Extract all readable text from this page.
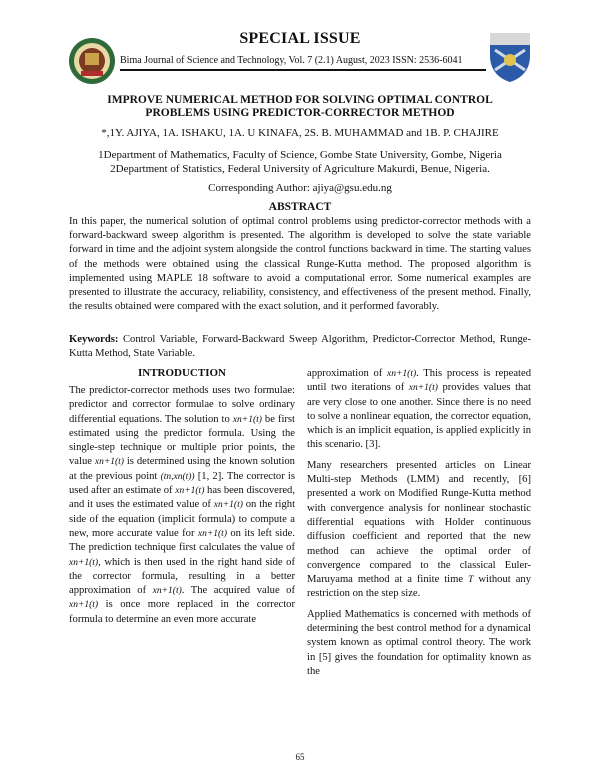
SPECIAL ISSUE
Bima Journal of Science and Technology, Vol. 7 (2.1) August, 2023 ISSN: 2536-6041
IMPROVE NUMERICAL METHOD FOR SOLVING OPTIMAL CONTROL
PROBLEMS USING PREDICTOR-CORRECTOR METHOD
*,1Y. AJIYA, 1A. ISHAKU, 1A. U KINAFA, 2S. B. MUHAMMAD and 1B. P. CHAJIRE
1Department of Mathematics, Faculty of Science, Gombe State University, Gombe, Nigeria
2Department of Statistics, Federal University of Agriculture Makurdi, Benue, Nigeria.
Corresponding Author: ajiya@gsu.edu.ng
ABSTRACT
In this paper, the numerical solution of optimal control problems using predictor-corrector methods with a forward-backward sweep algorithm is presented. The algorithm is developed to solve the state variable forward in time and the adjoint system alongside the control functions backward in time. The starting values of the methods were obtained using the classical Runge-Kutta method. The proposed algorithm is implemented using MAPLE 18 software to avoid a computational error. Some numerical examples are presented to illustrate the accuracy, reliability, consistency, and effectiveness of the present method. Finally, the results obtained were compared with the exact solution, and it performed favorably.
Keywords: Control Variable, Forward-Backward Sweep Algorithm, Predictor-Corrector Method, Runge-Kutta Method, State Variable.
INTRODUCTION

The predictor-corrector methods uses two formulae: predictor and corrector formulae to solve ordinary differential equations. The solution to xn+1(t) be first estimated using the predictor formula. Using the single-step technique or multiple prior points, the value xn+1(t) is determined using the known solution at the previous point (tn,xn(t)) [1, 2]. The corrector is used after an estimate of xn+1(t) has been discovered, and it uses the estimated value of xn+1(t) on the right side of the equation (implicit formula) to compute a new, more accurate value for xn+1(t) on its left side. The prediction technique first calculates the value of xn+1(t), which is then used in the right hand side of the corrector formula, resulting in a better approximation of xn+1(t). The acquired value of xn+1(t) is once more replaced in the corrector formula to determine an even more accurate

approximation of xn+1(t). This process is repeated until two iterations of xn+1(t) provides values that are very close to one another. Since there is no need to solve a nonlinear equation, the corrector equation, which is an implicit equation, is applied explicitly in this scenario. [3].

Many researchers presented articles on Linear Multi-step Methods (LMM) and recently, [6] presented a work on Modified Runge-Kutta method with convergence analysis for nonlinear stochastic differential equations with Holder continuous diffusion coefficient and reported that the new method can achieve the optimal order of convergence compared to the classical Euler-Maruyama method at a finite time T without any restriction on the step size.

Applied Mathematics is concerned with methods of determining the best control method for a dynamical system known as optimal control theory. The work in [5] gives the foundation for optimality known as the

65
